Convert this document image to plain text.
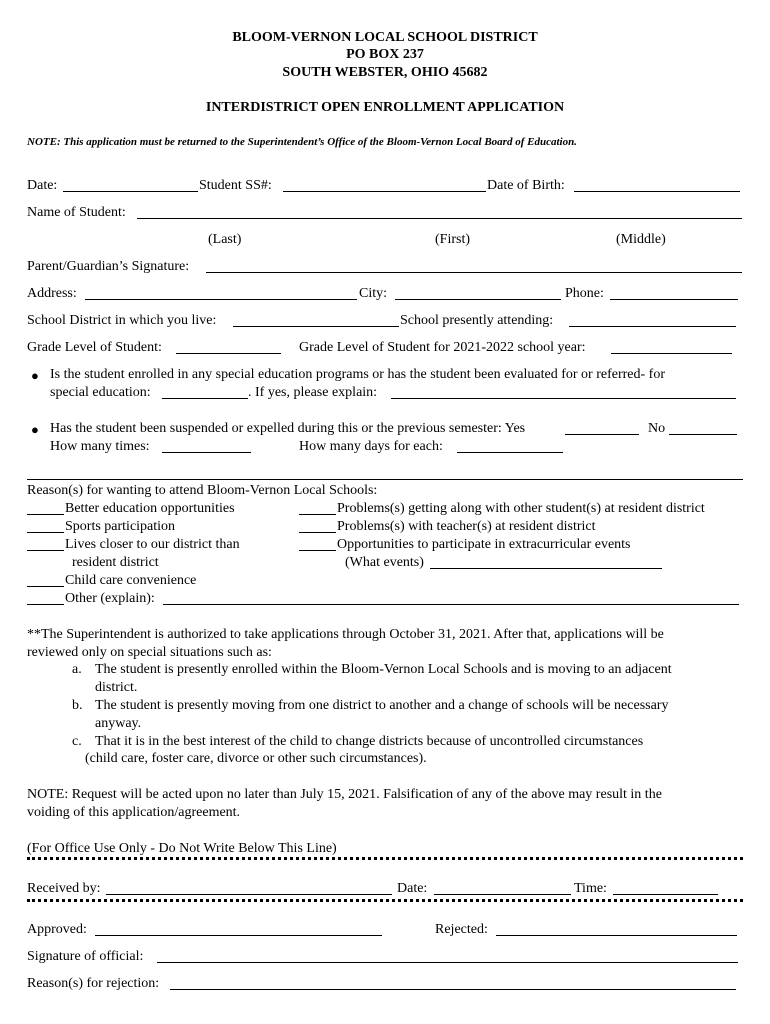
BLOOM-VERNON LOCAL SCHOOL DISTRICT
PO BOX 237
SOUTH WEBSTER, OHIO 45682
INTERDISTRICT OPEN ENROLLMENT APPLICATION
NOTE: This application must be returned to the Superintendent’s Office of the Bloom-Vernon Local Board of Education.
Date:	Student SS#:	Date of Birth:
Name of Student:
(Last)	(First)	(Middle)
Parent/Guardian’s Signature:
Address:	City:	Phone:
School District in which you live:	School presently attending:
Grade Level of Student:	Grade Level of Student for 2021-2022 school year:
● Is the student enrolled in any special education programs or has the student been evaluated for or referred- for
special education:	. If yes, please explain:
● Has the student been suspended or expelled during this or the previous semester: Yes	No
How many times:	How many days for each:
Reason(s) for wanting to attend Bloom-Vernon Local Schools:
Better education opportunities
Sports participation
Lives closer to our district than
resident district
Child care convenience
Other (explain):
Problems(s) getting along with other student(s) at resident district
Problems(s) with teacher(s) at resident district
Opportunities to participate in extracurricular events
(What events)
**The Superintendent is authorized to take applications through October 31, 2021. After that, applications will be
reviewed only on special situations such as:
a. The student is presently enrolled within the Bloom-Vernon Local Schools and is moving to an adjacent
district.
b. The student is presently moving from one district to another and a change of schools will be necessary
anyway.
c. That it is in the best interest of the child to change districts because of uncontrolled circumstances
(child care, foster care, divorce or other such circumstances).
NOTE: Request will be acted upon no later than July 15, 2021. Falsification of any of the above may result in the
voiding of this application/agreement.
(For Office Use Only - Do Not Write Below This Line)
Received by:	Date:	Time:
Approved:	Rejected:
Signature of official:
Reason(s) for rejection:
